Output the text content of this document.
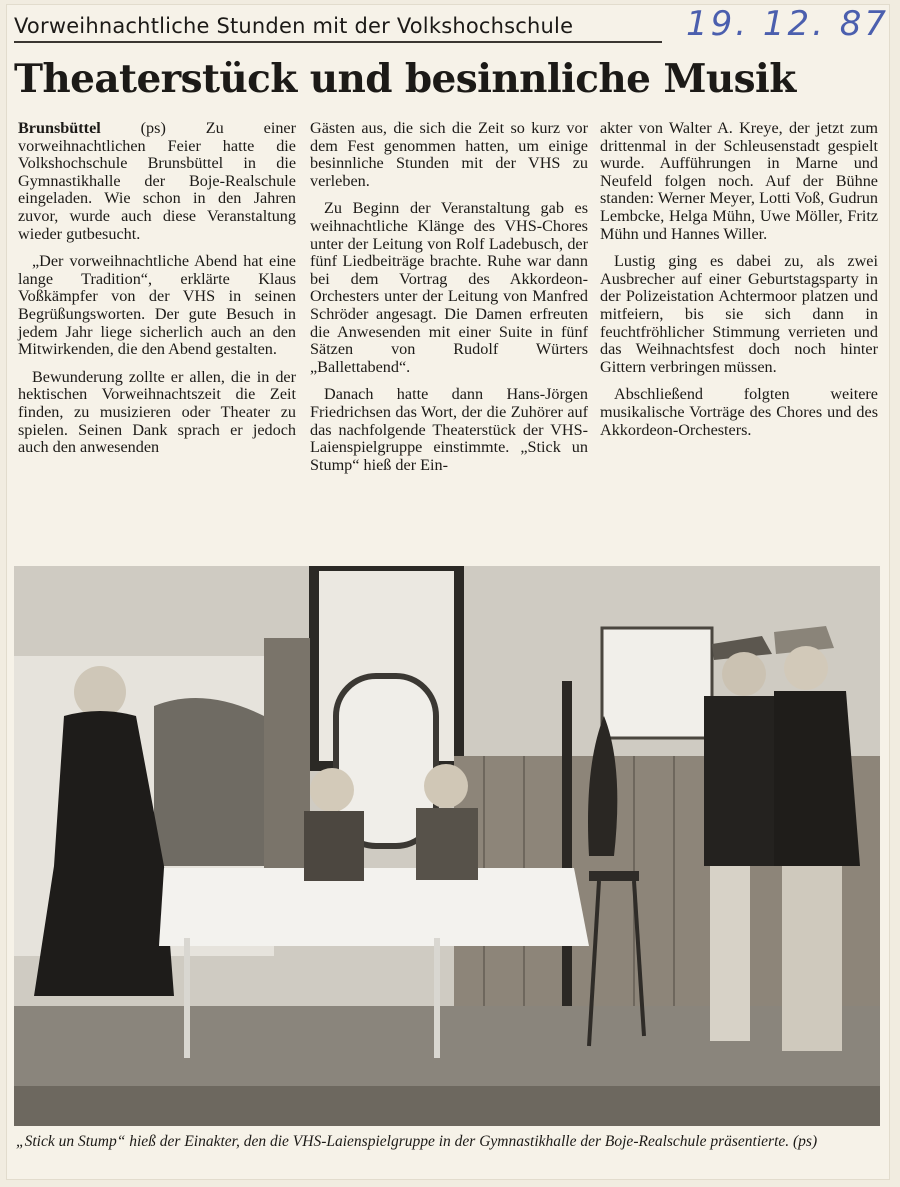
Vorweihnachtliche Stunden mit der Volkshochschule	19. 12. 87
Theaterstück und besinnliche Musik

Brunsbüttel (ps) Zu einer vorweihnachtlichen Feier hatte die Volkshochschule Brunsbüttel in die Gymnastikhalle der Boje-Realschule eingeladen. Wie schon in den Jahren zuvor, wurde auch diese Veranstaltung wieder gutbesucht.

„Der vorweihnachtliche Abend hat eine lange Tradition“, erklärte Klaus Voßkämpfer von der VHS in seinen Begrüßungsworten. Der gute Besuch in jedem Jahr liege sicherlich auch an den Mitwirkenden, die den Abend gestalten.

Bewunderung zollte er allen, die in der hektischen Vorweihnachtszeit die Zeit finden, zu musizieren oder Theater zu spielen. Seinen Dank sprach er jedoch auch den anwesenden

Gästen aus, die sich die Zeit so kurz vor dem Fest genommen hatten, um einige besinnliche Stunden mit der VHS zu verleben.

Zu Beginn der Veranstaltung gab es weihnachtliche Klänge des VHS-Chores unter der Leitung von Rolf Ladebusch, der fünf Liedbeiträge brachte. Ruhe war dann bei dem Vortrag des Akkordeon-Orchesters unter der Leitung von Manfred Schröder angesagt. Die Damen erfreuten die Anwesenden mit einer Suite in fünf Sätzen von Rudolf Würters „Ballettabend“.

Danach hatte dann Hans-Jörgen Friedrichsen das Wort, der die Zuhörer auf das nachfolgende Theaterstück der VHS-Laienspielgruppe einstimmte. „Stick un Stump“ hieß der Ein-

akter von Walter A. Kreye, der jetzt zum drittenmal in der Schleusenstadt gespielt wurde. Aufführungen in Marne und Neufeld folgen noch. Auf der Bühne standen: Werner Meyer, Lotti Voß, Gudrun Lembcke, Helga Mühn, Uwe Möller, Fritz Mühn und Hannes Willer.

Lustig ging es dabei zu, als zwei Ausbrecher auf einer Geburtstagsparty in der Polizeistation Achtermoor platzen und mitfeiern, bis sie sich dann in feuchtfröhlicher Stimmung verrieten und das Weihnachtsfest doch noch hinter Gittern verbringen müssen.

Abschließend folgten weitere musikalische Vorträge des Chores und des Akkordeon-Orchesters.

„Stick un Stump“ hieß der Einakter, den die VHS-Laienspielgruppe in der Gymnastikhalle der Boje-Realschule präsentierte. (ps)
